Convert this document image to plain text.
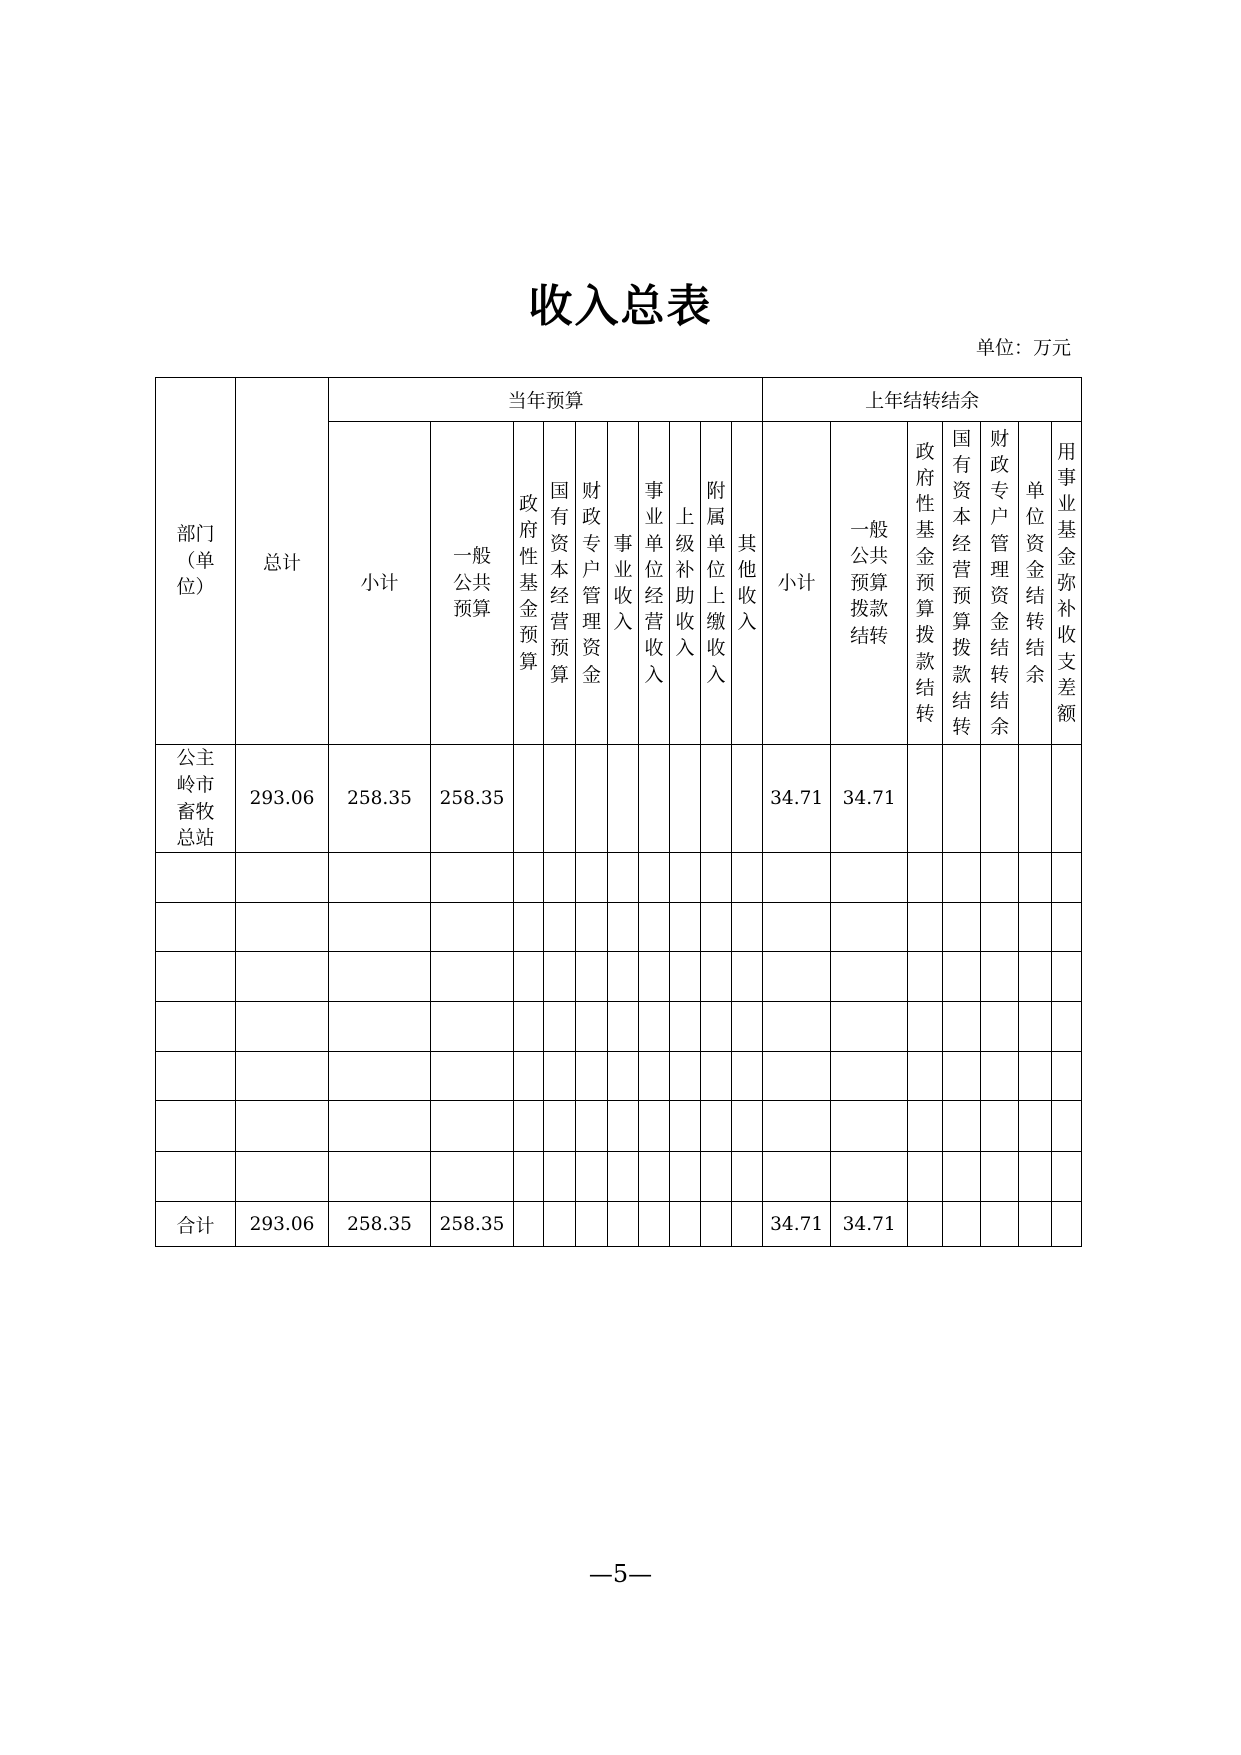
收入总表
单位：万元
部门（单位）	总计	当年预算										上年结转结余						
		小计	一般公共预算	政府性基金预算	国有资本经营预算	财政专户管理资金	事业收入	事业单位经营收入	上级补助收入	附属单位上缴收入	其他收入	小计	一般公共预算拨款结转	政府性基金预算拨款结转	国有资本经营预算拨款结转	财政专户管理资金结转结余	单位资金结转结余	用事业基金弥补收支差额
公主岭市畜牧总站	293.06	258.35	258.35									34.71	34.71					

合计	293.06	258.35	258.35									34.71	34.71					
—5—
